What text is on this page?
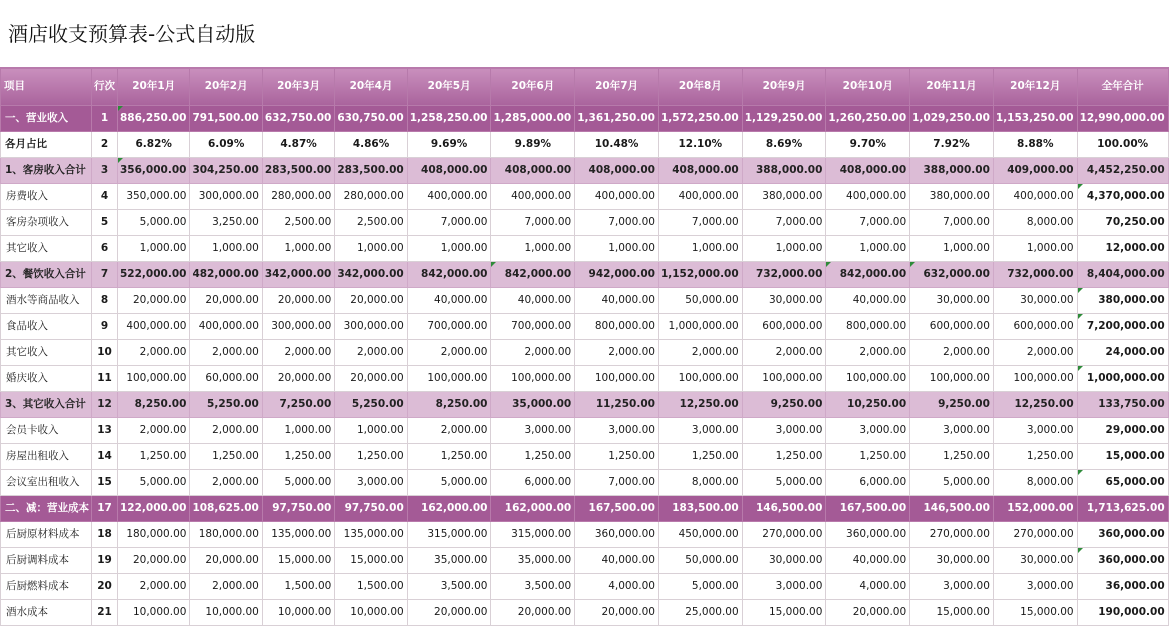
酒店收支预算表-公式自动版
项目	行次	20年1月	20年2月	20年3月	20年4月	20年5月	20年6月	20年7月	20年8月	20年9月	20年10月	20年11月	20年12月	全年合计
一、营业收入	1	886,250.00	791,500.00	632,750.00	630,750.00	1,258,250.00	1,285,000.00	1,361,250.00	1,572,250.00	1,129,250.00	1,260,250.00	1,029,250.00	1,153,250.00	12,990,000.00
各月占比	2	6.82%	6.09%	4.87%	4.86%	9.69%	9.89%	10.48%	12.10%	8.69%	9.70%	7.92%	8.88%	100.00%
1、客房收入合计	3	356,000.00	304,250.00	283,500.00	283,500.00	408,000.00	408,000.00	408,000.00	408,000.00	388,000.00	408,000.00	388,000.00	409,000.00	4,452,250.00
房费收入	4	350,000.00	300,000.00	280,000.00	280,000.00	400,000.00	400,000.00	400,000.00	400,000.00	380,000.00	400,000.00	380,000.00	400,000.00	4,370,000.00
客房杂项收入	5	5,000.00	3,250.00	2,500.00	2,500.00	7,000.00	7,000.00	7,000.00	7,000.00	7,000.00	7,000.00	7,000.00	8,000.00	70,250.00
其它收入	6	1,000.00	1,000.00	1,000.00	1,000.00	1,000.00	1,000.00	1,000.00	1,000.00	1,000.00	1,000.00	1,000.00	1,000.00	12,000.00
2、餐饮收入合计	7	522,000.00	482,000.00	342,000.00	342,000.00	842,000.00	842,000.00	942,000.00	1,152,000.00	732,000.00	842,000.00	632,000.00	732,000.00	8,404,000.00
酒水等商品收入	8	20,000.00	20,000.00	20,000.00	20,000.00	40,000.00	40,000.00	40,000.00	50,000.00	30,000.00	40,000.00	30,000.00	30,000.00	380,000.00
食品收入	9	400,000.00	400,000.00	300,000.00	300,000.00	700,000.00	700,000.00	800,000.00	1,000,000.00	600,000.00	800,000.00	600,000.00	600,000.00	7,200,000.00
其它收入	10	2,000.00	2,000.00	2,000.00	2,000.00	2,000.00	2,000.00	2,000.00	2,000.00	2,000.00	2,000.00	2,000.00	2,000.00	24,000.00
婚庆收入	11	100,000.00	60,000.00	20,000.00	20,000.00	100,000.00	100,000.00	100,000.00	100,000.00	100,000.00	100,000.00	100,000.00	100,000.00	1,000,000.00
3、其它收入合计	12	8,250.00	5,250.00	7,250.00	5,250.00	8,250.00	35,000.00	11,250.00	12,250.00	9,250.00	10,250.00	9,250.00	12,250.00	133,750.00
会员卡收入	13	2,000.00	2,000.00	1,000.00	1,000.00	2,000.00	3,000.00	3,000.00	3,000.00	3,000.00	3,000.00	3,000.00	3,000.00	29,000.00
房屋出租收入	14	1,250.00	1,250.00	1,250.00	1,250.00	1,250.00	1,250.00	1,250.00	1,250.00	1,250.00	1,250.00	1,250.00	1,250.00	15,000.00
会议室出租收入	15	5,000.00	2,000.00	5,000.00	3,000.00	5,000.00	6,000.00	7,000.00	8,000.00	5,000.00	6,000.00	5,000.00	8,000.00	65,000.00
二、减：营业成本	17	122,000.00	108,625.00	97,750.00	97,750.00	162,000.00	162,000.00	167,500.00	183,500.00	146,500.00	167,500.00	146,500.00	152,000.00	1,713,625.00
后厨原材料成本	18	180,000.00	180,000.00	135,000.00	135,000.00	315,000.00	315,000.00	360,000.00	450,000.00	270,000.00	360,000.00	270,000.00	270,000.00	360,000.00
后厨调料成本	19	20,000.00	20,000.00	15,000.00	15,000.00	35,000.00	35,000.00	40,000.00	50,000.00	30,000.00	40,000.00	30,000.00	30,000.00	360,000.00
后厨燃料成本	20	2,000.00	2,000.00	1,500.00	1,500.00	3,500.00	3,500.00	4,000.00	5,000.00	3,000.00	4,000.00	3,000.00	3,000.00	36,000.00
酒水成本	21	10,000.00	10,000.00	10,000.00	10,000.00	20,000.00	20,000.00	20,000.00	25,000.00	15,000.00	20,000.00	15,000.00	15,000.00	190,000.00
